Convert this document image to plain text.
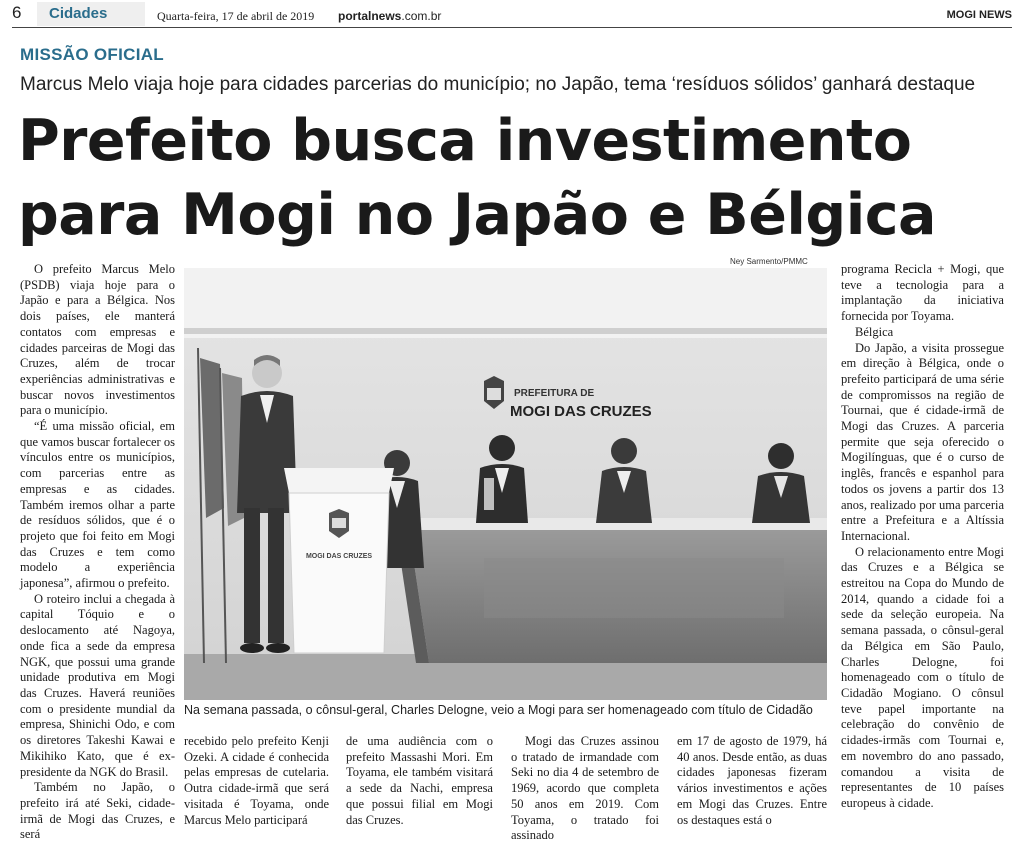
6 Cidades	Quarta-feira, 17 de abril de 2019 portalnews.com.br	MOGI NEWS
MISSÃO OFICIAL
Marcus Melo viaja hoje para cidades parcerias do município; no Japão, tema ‘resíduos sólidos’ ganhará destaque
Prefeito busca investimento
para Mogi no Japão e Bélgica

O prefeito Marcus Melo (PSDB) viaja hoje para o Japão e para a Bélgica. Nos dois países, ele manterá contatos com empresas e cidades parceiras de Mogi das Cruzes, além de trocar experiências administrativas e buscar novos investimentos para o município.

“É uma missão oficial, em que vamos buscar fortalecer os vínculos entre os municípios, com parcerias entre as empresas e as cidades. Também iremos olhar a parte de resíduos sólidos, que é o projeto que foi feito em Mogi das Cruzes e tem como modelo a experiência japonesa”, afirmou o prefeito.

O roteiro inclui a chegada à capital Tóquio e o deslocamento até Nagoya, onde fica a sede da empresa NGK, que possui uma grande unidade produtiva em Mogi das Cruzes. Haverá reuniões com o presidente mundial da empresa, Shinichi Odo, e com os diretores Takeshi Kawai e Mikihiko Kato, que é ex-presidente da NGK do Brasil.

Também no Japão, o prefeito irá até Seki, cidade-irmã de Mogi das Cruzes, e será

Ney Sarmento/PMMC
PREFEITURA DE
MOGI DAS CRUZES
MOGI DAS CRUZES
Na semana passada, o cônsul-geral, Charles Delogne, veio a Mogi para ser homenageado com título de Cidadão

recebido pelo prefeito Kenji Ozeki. A cidade é conhecida pelas empresas de cutelaria. Outra cidade-irmã que será visitada é Toyama, onde Marcus Melo participará

de uma audiência com o prefeito Massashi Mori. Em Toyama, ele também visitará a sede da Nachi, empresa que possui filial em Mogi das Cruzes.

Mogi das Cruzes assinou o tratado de irmandade com Seki no dia 4 de setembro de 1969, acordo que completa 50 anos em 2019. Com Toyama, o tratado foi assinado

em 17 de agosto de 1979, há 40 anos. Desde então, as duas cidades japonesas fizeram vários investimentos e ações em Mogi das Cruzes. Entre os destaques está o

programa Recicla + Mogi, que teve a tecnologia para a implantação da iniciativa fornecida por Toyama.

Bélgica

Do Japão, a visita prossegue em direção à Bélgica, onde o prefeito participará de uma série de compromissos na região de Tournai, que é cidade-irmã de Mogi das Cruzes. A parceria permite que seja oferecido o Mogilínguas, que é o curso de inglês, francês e espanhol para todos os jovens a partir dos 13 anos, realizado por uma parceria entre a Prefeitura e a Altíssia Internacional.

O relacionamento entre Mogi das Cruzes e a Bélgica se estreitou na Copa do Mundo de 2014, quando a cidade foi a sede da seleção europeia. Na semana passada, o cônsul-geral da Bélgica em São Paulo, Charles Delogne, foi homenageado com o título de Cidadão Mogiano. O cônsul teve papel importante na celebração do convênio de cidades-irmãs com Tournai e, em novembro do ano passado, comandou a visita de representantes de 10 países europeus à cidade.
